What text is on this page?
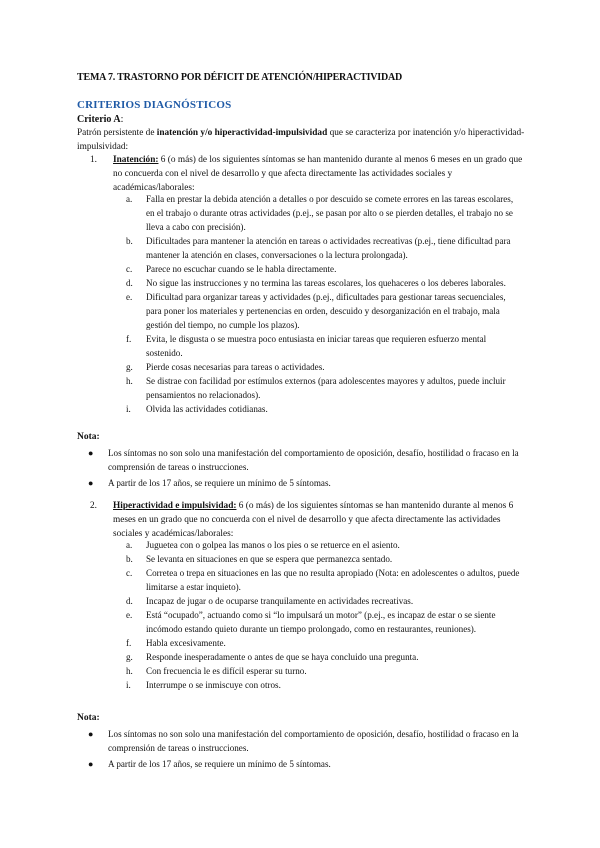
TEMA 7. TRASTORNO POR DÉFICIT DE ATENCIÓN/HIPERACTIVIDAD
CRITERIOS DIAGNÓSTICOS
Criterio A:
Patrón persistente de inatención y/o hiperactividad-impulsividad que se caracteriza por inatención y/o hiperactividad- impulsividad:
1. Inatención: 6 (o más) de los siguientes síntomas se han mantenido durante al menos 6 meses en un grado que no concuerda con el nivel de desarrollo y que afecta directamente las actividades sociales y académicas/laborales:
a. Falla en prestar la debida atención a detalles o por descuido se comete errores en las tareas escolares, en el trabajo o durante otras actividades (p.ej., se pasan por alto o se pierden detalles, el trabajo no se lleva a cabo con precisión).
b. Dificultades para mantener la atención en tareas o actividades recreativas (p.ej., tiene dificultad para mantener la atención en clases, conversaciones o la lectura prolongada).
c. Parece no escuchar cuando se le habla directamente.
d. No sigue las instrucciones y no termina las tareas escolares, los quehaceres o los deberes laborales.
e. Dificultad para organizar tareas y actividades (p.ej., dificultades para gestionar tareas secuenciales, para poner los materiales y pertenencias en orden, descuido y desorganización en el trabajo, mala gestión del tiempo, no cumple los plazos).
f. Evita, le disgusta o se muestra poco entusiasta en iniciar tareas que requieren esfuerzo mental sostenido.
g. Pierde cosas necesarias para tareas o actividades.
h. Se distrae con facilidad por estímulos externos (para adolescentes mayores y adultos, puede incluir pensamientos no relacionados).
i. Olvida las actividades cotidianas.
Nota:
● Los síntomas no son solo una manifestación del comportamiento de oposición, desafío, hostilidad o fracaso en la comprensión de tareas o instrucciones.
● A partir de los 17 años, se requiere un mínimo de 5 síntomas.
2. Hiperactividad e impulsividad: 6 (o más) de los siguientes síntomas se han mantenido durante al menos 6 meses en un grado que no concuerda con el nivel de desarrollo y que afecta directamente las actividades sociales y académicas/laborales:
a. Juguetea con o golpea las manos o los pies o se retuerce en el asiento.
b. Se levanta en situaciones en que se espera que permanezca sentado.
c. Corretea o trepa en situaciones en las que no resulta apropiado (Nota: en adolescentes o adultos, puede limitarse a estar inquieto).
d. Incapaz de jugar o de ocuparse tranquilamente en actividades recreativas.
e. Está “ocupado”, actuando como si “lo impulsará un motor” (p.ej., es incapaz de estar o se siente incómodo estando quieto durante un tiempo prolongado, como en restaurantes, reuniones).
f. Habla excesivamente.
g. Responde inesperadamente o antes de que se haya concluido una pregunta.
h. Con frecuencia le es difícil esperar su turno.
i. Interrumpe o se inmiscuye con otros.
Nota:
● Los síntomas no son solo una manifestación del comportamiento de oposición, desafío, hostilidad o fracaso en la comprensión de tareas o instrucciones.
● A partir de los 17 años, se requiere un mínimo de 5 síntomas.
